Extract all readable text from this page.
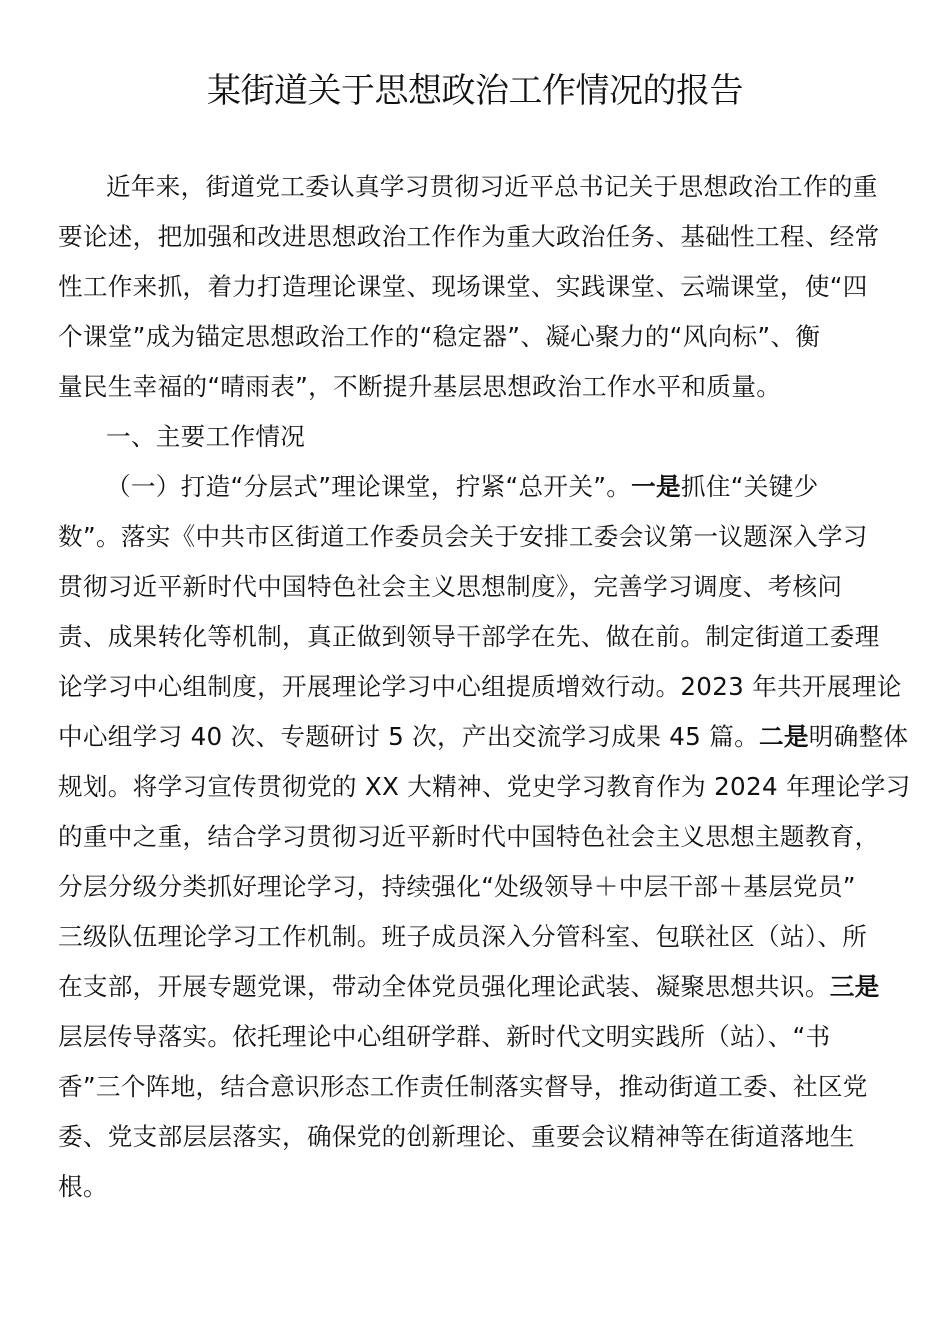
某街道关于思想政治工作情况的报告
近年来，街道党工委认真学习贯彻习近平总书记关于思想政治工作的重
要论述，把加强和改进思想政治工作作为重大政治任务、基础性工程、经常
性工作来抓，着力打造理论课堂、现场课堂、实践课堂、云端课堂，使“四
个课堂”成为锚定思想政治工作的“稳定器”、凝心聚力的“风向标”、衡
量民生幸福的“晴雨表”，不断提升基层思想政治工作水平和质量。
一、主要工作情况
（一）打造“分层式”理论课堂，拧紧“总开关”。一是抓住“关键少
数”。落实《中共市区街道工作委员会关于安排工委会议第一议题深入学习
贯彻习近平新时代中国特色社会主义思想制度》，完善学习调度、考核问
责、成果转化等机制，真正做到领导干部学在先、做在前。制定街道工委理
论学习中心组制度，开展理论学习中心组提质增效行动。2023 年共开展理论
中心组学习 40 次、专题研讨 5 次，产出交流学习成果 45 篇。二是明确整体
规划。将学习宣传贯彻党的 XX 大精神、党史学习教育作为 2024 年理论学习
的重中之重，结合学习贯彻习近平新时代中国特色社会主义思想主题教育，
分层分级分类抓好理论学习，持续强化“处级领导＋中层干部＋基层党员”
三级队伍理论学习工作机制。班子成员深入分管科室、包联社区（站）、所
在支部，开展专题党课，带动全体党员强化理论武装、凝聚思想共识。三是
层层传导落实。依托理论中心组研学群、新时代文明实践所（站）、“书
香”三个阵地，结合意识形态工作责任制落实督导，推动街道工委、社区党
委、党支部层层落实，确保党的创新理论、重要会议精神等在街道落地生
根。
